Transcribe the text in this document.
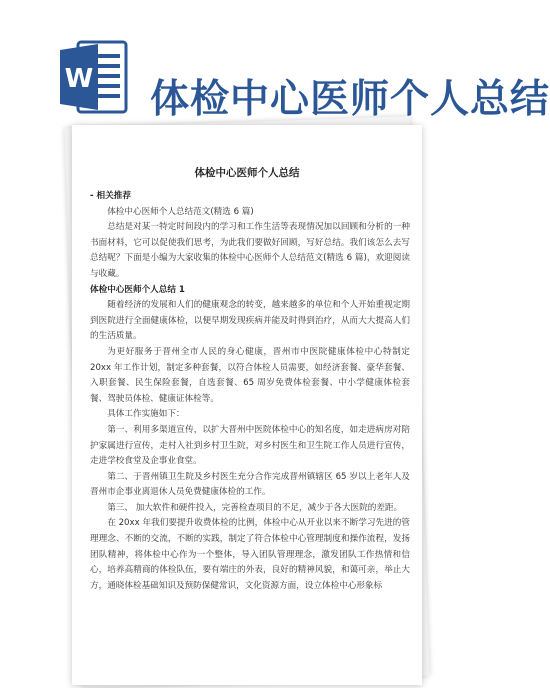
W 体检中心医师个人总结
体检中心医师个人总结

- 相关推荐

体检中心医师个人总结范文(精选 6 篇)

总结是对某一特定时间段内的学习和工作生活等表现情况加以回顾和分析的一种书面材料，它可以促使我们思考，为此我们要做好回顾，写好总结。我们该怎么去写总结呢？下面是小编为大家收集的体检中心医师个人总结范文(精选 6 篇)，欢迎阅读与收藏。

体检中心医师个人总结 1

随着经济的发展和人们的健康观念的转变，越来越多的单位和个人开始重视定期到医院进行全面健康体检，以便早期发现疾病并能及时得到治疗，从而大大提高人们的生活质量。

为更好服务于晋州全市人民的身心健康，晋州市中医院健康体检中心特制定 20xx 年工作计划，制定多种套餐，以符合体检人员需要，如经济套餐、豪华套餐、入职套餐、民生保险套餐，自选套餐、65 周岁免费体检套餐、中小学健康体检套餐、驾驶员体检、健康证体检等。

具体工作实施如下：

第一、利用多渠道宣传，以扩大晋州中医院体检中心的知名度，如走进病房对陪护家属进行宣传，走村入社到乡村卫生院，对乡村医生和卫生院工作人员进行宣传，走进学校食堂及企事业食堂。

第二、于晋州镇卫生院及乡村医生充分合作完成晋州镇辖区 65 岁以上老年人及晋州市企事业离退休人员免费健康体检的工作。

第三、 加大软件和硬件投入，完善检查项目的不足，减少于各大医院的差距。

在 20xx 年我们要提升收费体检的比例，体检中心从开业以来不断学习先进的管理理念、不断的交流，不断的实践，制定了符合体检中心管理制度和操作流程，发扬团队精神，将体检中心作为一个整体，导入团队管理理念，激发团队工作热情和信心，培养高精商的体检队伍，要有端庄的外表，良好的精神风貌，和蔼可亲，举止大方，通晓体检基础知识及预防保健常识，文化资源方面，设立体检中心形象标
